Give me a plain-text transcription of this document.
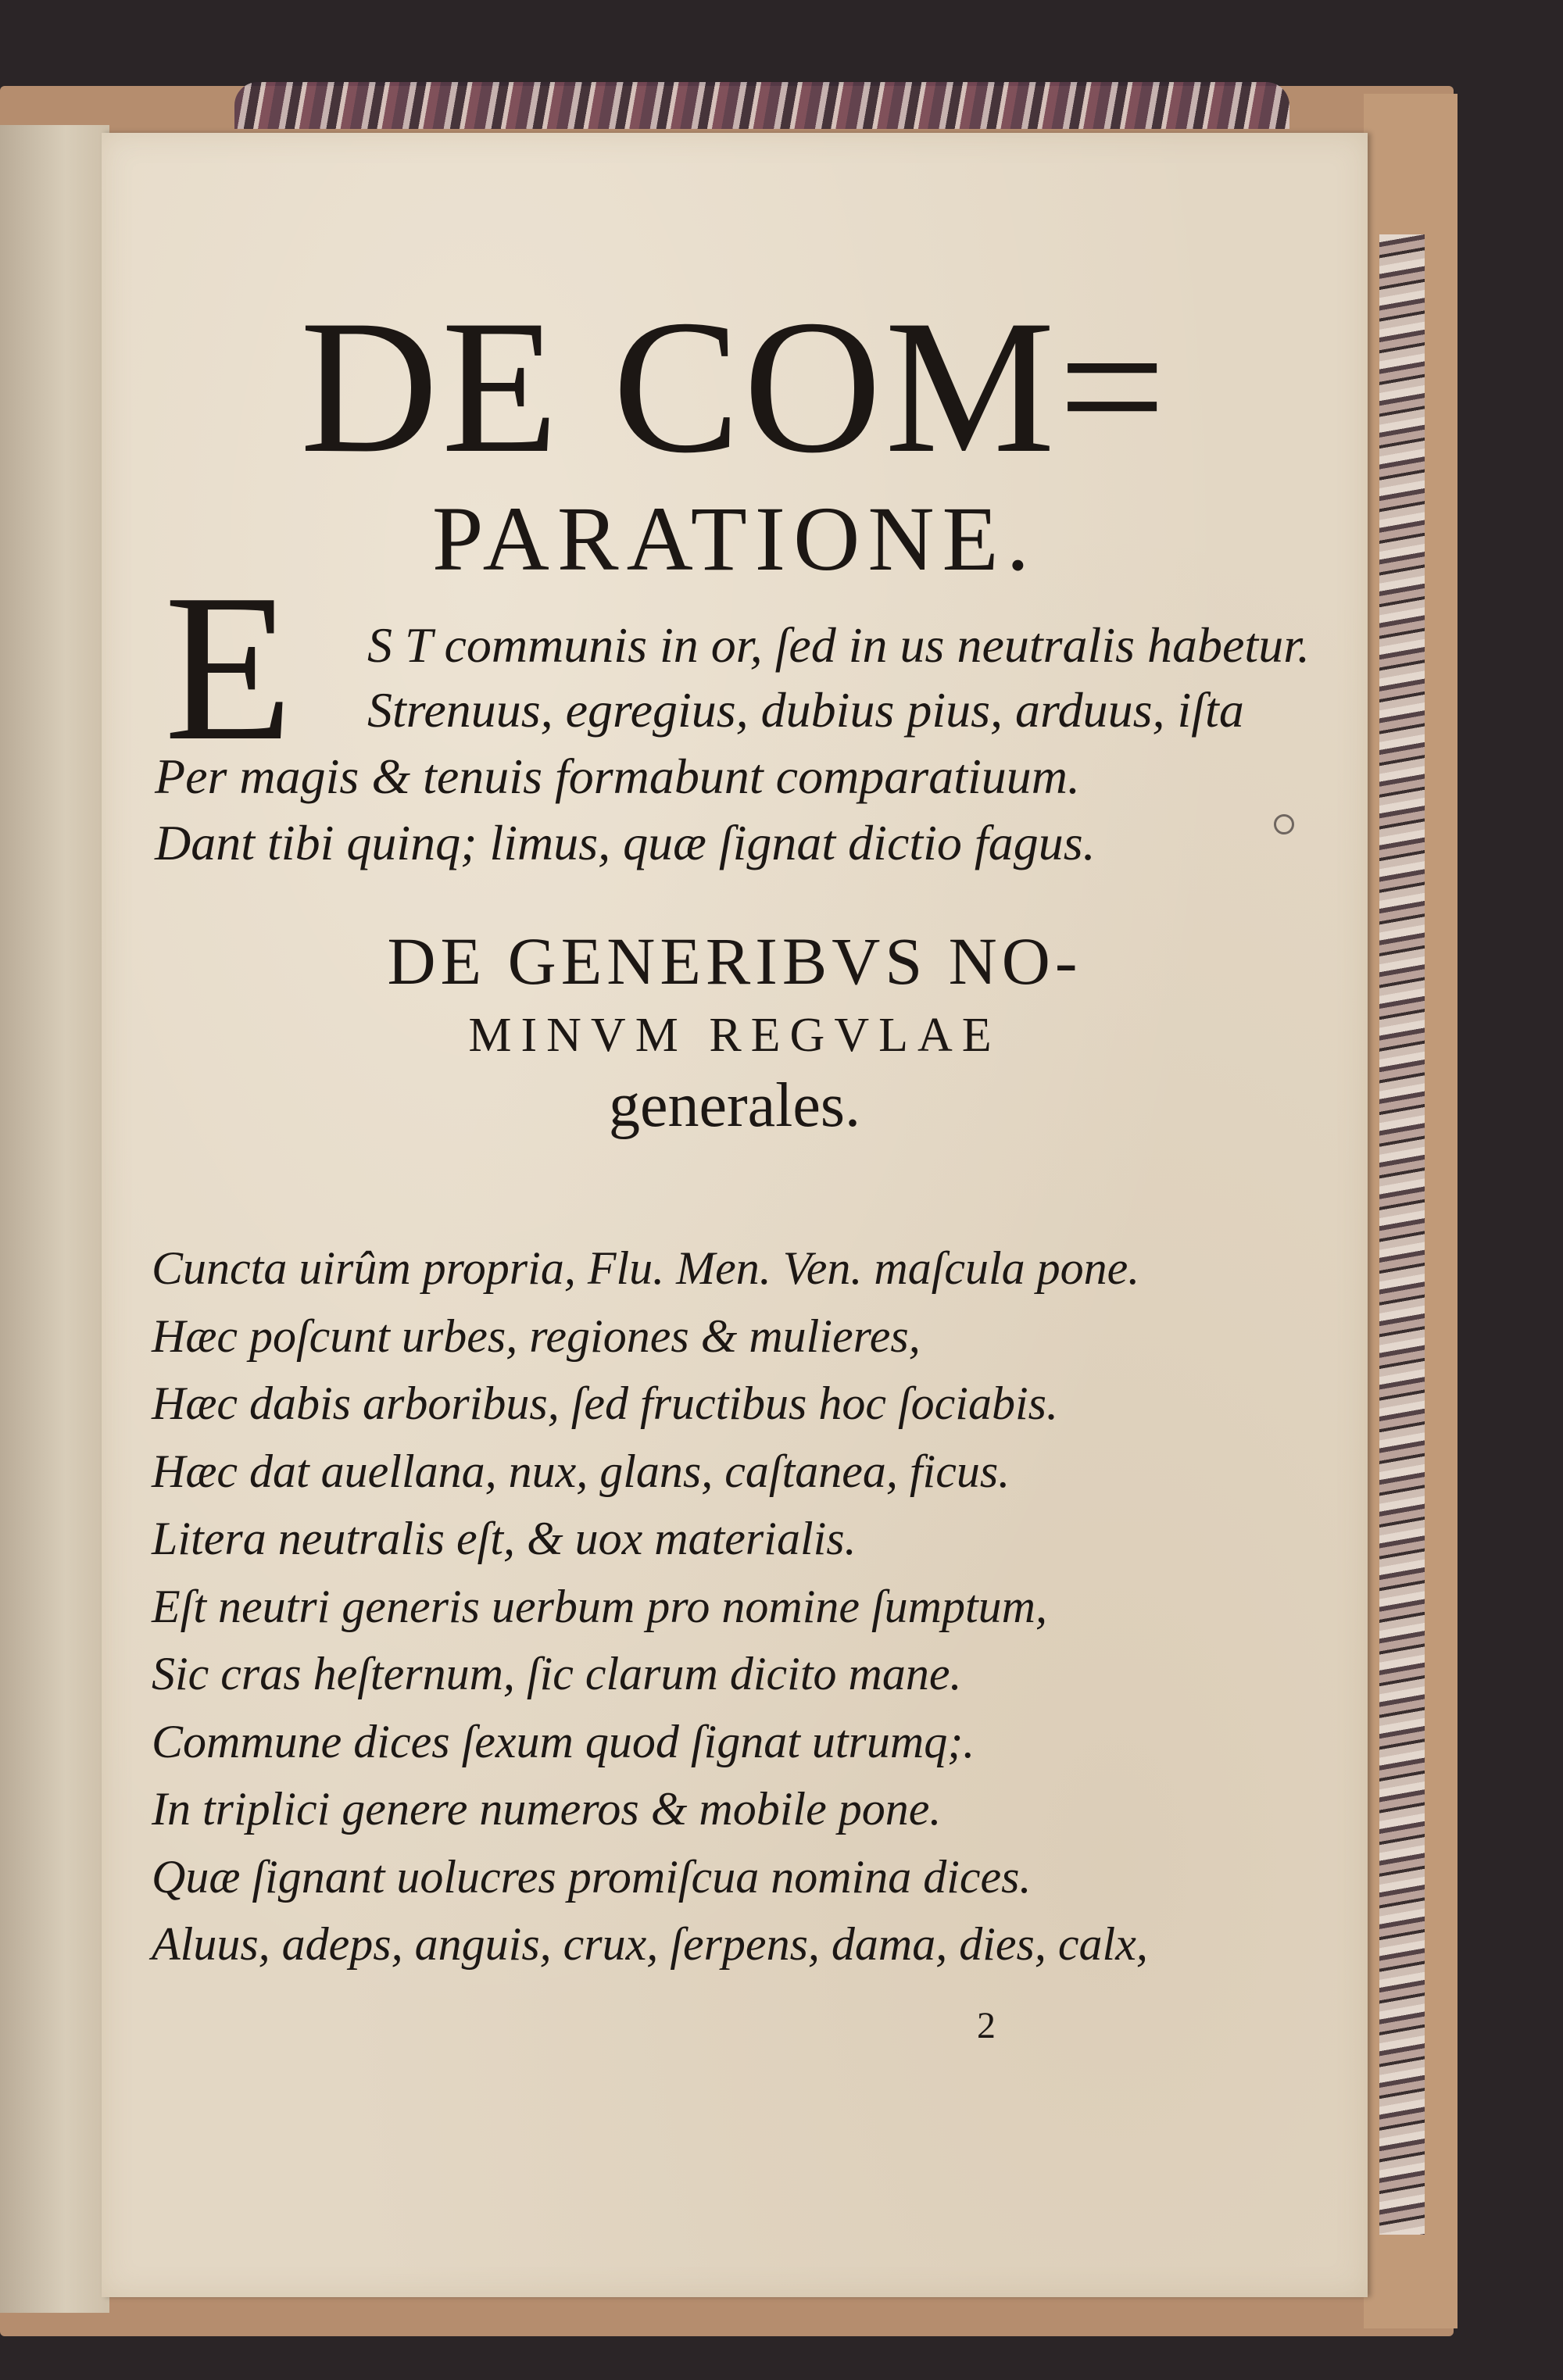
DE COM=
PARATIONE.
E S T communis in or, ſed in us neutralis habetur.
Strenuus, egregius, dubius pius, arduus, iſta
Per magis & tenuis formabunt comparatiuum.
Dant tibi quinq; limus, quæ ſignat dictio fagus.
DE GENERIBVS NO-
MINVM REGVLAE
generales.
Cuncta uirûm propria, Flu. Men. Ven. maſcula pone.
Hæc poſcunt urbes, regiones & mulieres,
Hæc dabis arboribus, ſed fructibus hoc ſociabis.
Hæc dat auellana, nux, glans, caſtanea, ficus.
Litera neutralis eſt, & uox materialis.
Eſt neutri generis uerbum pro nomine ſumptum,
Sic cras heſternum, ſic clarum dicito mane.
Commune dices ſexum quod ſignat utrumq;.
In triplici genere numeros & mobile pone.
Quæ ſignant uolucres promiſcua nomina dices.
Aluus, adeps, anguis, crux, ſerpens, dama, dies, calx,
2
